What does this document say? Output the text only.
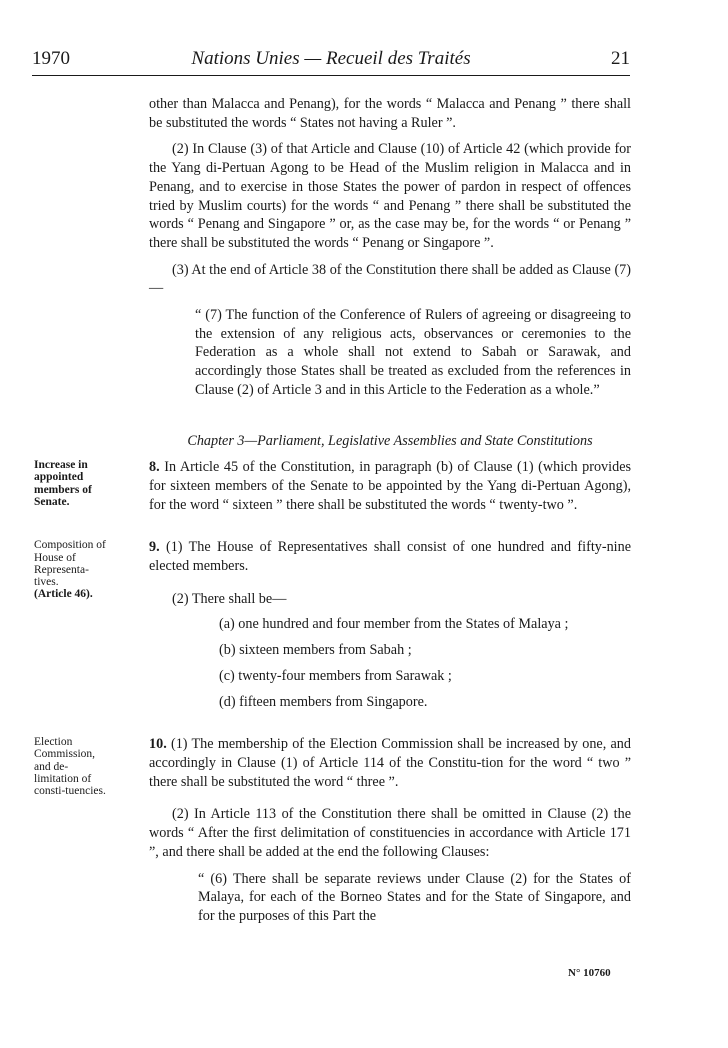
1970	Nations Unies — Recueil des Traités	21

other than Malacca and Penang), for the words “ Malacca and Penang ” there shall be substituted the words “ States not having a Ruler ”.

(2) In Clause (3) of that Article and Clause (10) of Article 42 (which provide for the Yang di-Pertuan Agong to be Head of the Muslim religion in Malacca and in Penang, and to exercise in those States the power of pardon in respect of offences tried by Muslim courts) for the words “ and Penang ” there shall be substituted the words “ Penang and Singapore ” or, as the case may be, for the words “ or Penang ” there shall be substituted the words “ Penang or Singapore ”.

(3) At the end of Article 38 of the Constitution there shall be added as Clause (7)—

“ (7) The function of the Conference of Rulers of agreeing or disagreeing to the extension of any religious acts, observances or ceremonies to the Federation as a whole shall not extend to Sabah or Sarawak, and accordingly those States shall be treated as excluded from the references in Clause (2) of Article 3 and in this Article to the Federation as a whole.”

Chapter 3—Parliament, Legislative Assemblies and State Constitutions

Increase in appointed members of Senate.

8. In Article 45 of the Constitution, in paragraph (b) of Clause (1) (which provides for sixteen members of the Senate to be appointed by the Yang di-Pertuan Agong), for the word “ sixteen ” there shall be substituted the words “ twenty-two ”.

Composition of House of Representa-tives.
(Article 46).

9. (1) The House of Representatives shall consist of one hundred and fifty-nine elected members.

(2) There shall be—

(a) one hundred and four member from the States of Malaya ;

(b) sixteen members from Sabah ;

(c) twenty-four members from Sarawak ;

(d) fifteen members from Singapore.

Election Commission, and de-limitation of consti-tuencies.

10. (1) The membership of the Election Commission shall be increased by one, and accordingly in Clause (1) of Article 114 of the Constitu-tion for the word “ two ” there shall be substituted the word “ three ”.

(2) In Article 113 of the Constitution there shall be omitted in Clause (2) the words “ After the first delimitation of constituencies in accordance with Article 171 ”, and there shall be added at the end the following Clauses:

“ (6) There shall be separate reviews under Clause (2) for the States of Malaya, for each of the Borneo States and for the State of Singapore, and for the purposes of this Part the

N° 10760
